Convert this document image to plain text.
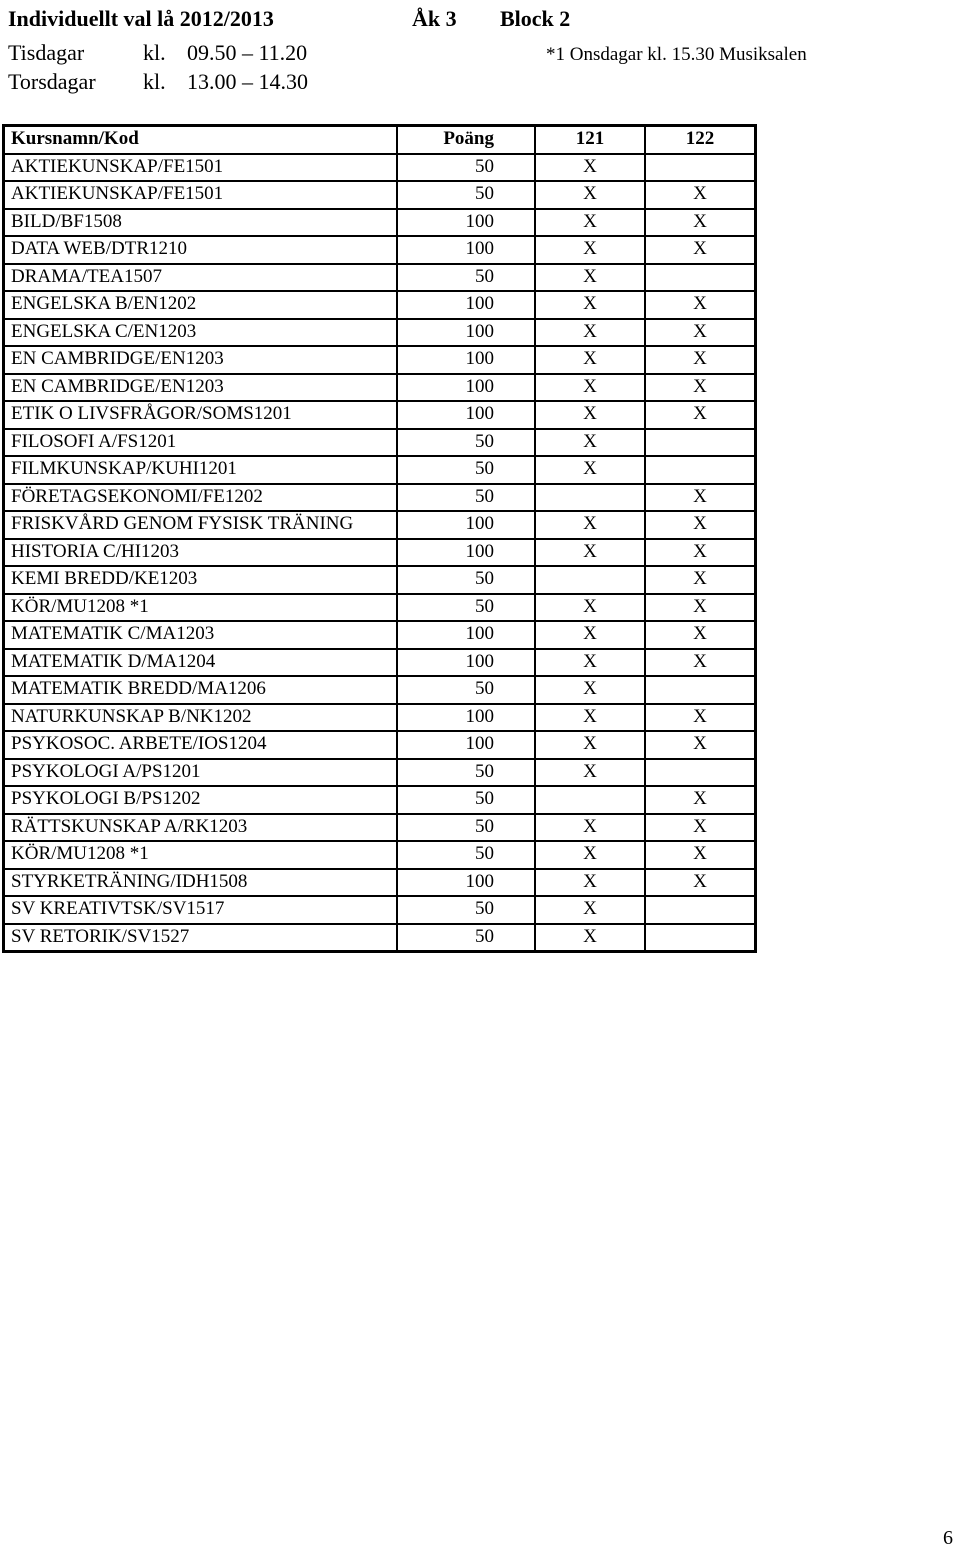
Individuellt val lå 2012/2013	Åk 3 Block 2
Tisdagar	kl. 09.50 – 11.20	*1 Onsdagar kl. 15.30 Musiksalen
Torsdagar kl. 13.00 – 14.30
Kursnamn/Kod	Poäng	121	122
AKTIEKUNSKAP/FE1501	50	X	
AKTIEKUNSKAP/FE1501	50	X	X
BILD/BF1508	100	X	X
DATA WEB/DTR1210	100	X	X
DRAMA/TEA1507	50	X	
ENGELSKA B/EN1202	100	X	X
ENGELSKA C/EN1203	100	X	X
EN CAMBRIDGE/EN1203	100	X	X
EN CAMBRIDGE/EN1203	100	X	X
ETIK O LIVSFRÅGOR/SOMS1201	100	X	X
FILOSOFI A/FS1201	50	X	
FILMKUNSKAP/KUHI1201	50	X	
FÖRETAGSEKONOMI/FE1202	50		X
FRISKVÅRD GENOM FYSISK TRÄNING	100	X	X
HISTORIA C/HI1203	100	X	X
KEMI BREDD/KE1203	50		X
KÖR/MU1208 *1	50	X	X
MATEMATIK C/MA1203	100	X	X
MATEMATIK D/MA1204	100	X	X
MATEMATIK BREDD/MA1206	50	X	
NATURKUNSKAP B/NK1202	100	X	X
PSYKOSOC. ARBETE/IOS1204	100	X	X
PSYKOLOGI A/PS1201	50	X	
PSYKOLOGI B/PS1202	50		X
RÄTTSKUNSKAP A/RK1203	50	X	X
KÖR/MU1208 *1	50	X	X
STYRKETRÄNING/IDH1508	100	X	X
SV KREATIVTSK/SV1517	50	X	
SV RETORIK/SV1527	50	X	
6
